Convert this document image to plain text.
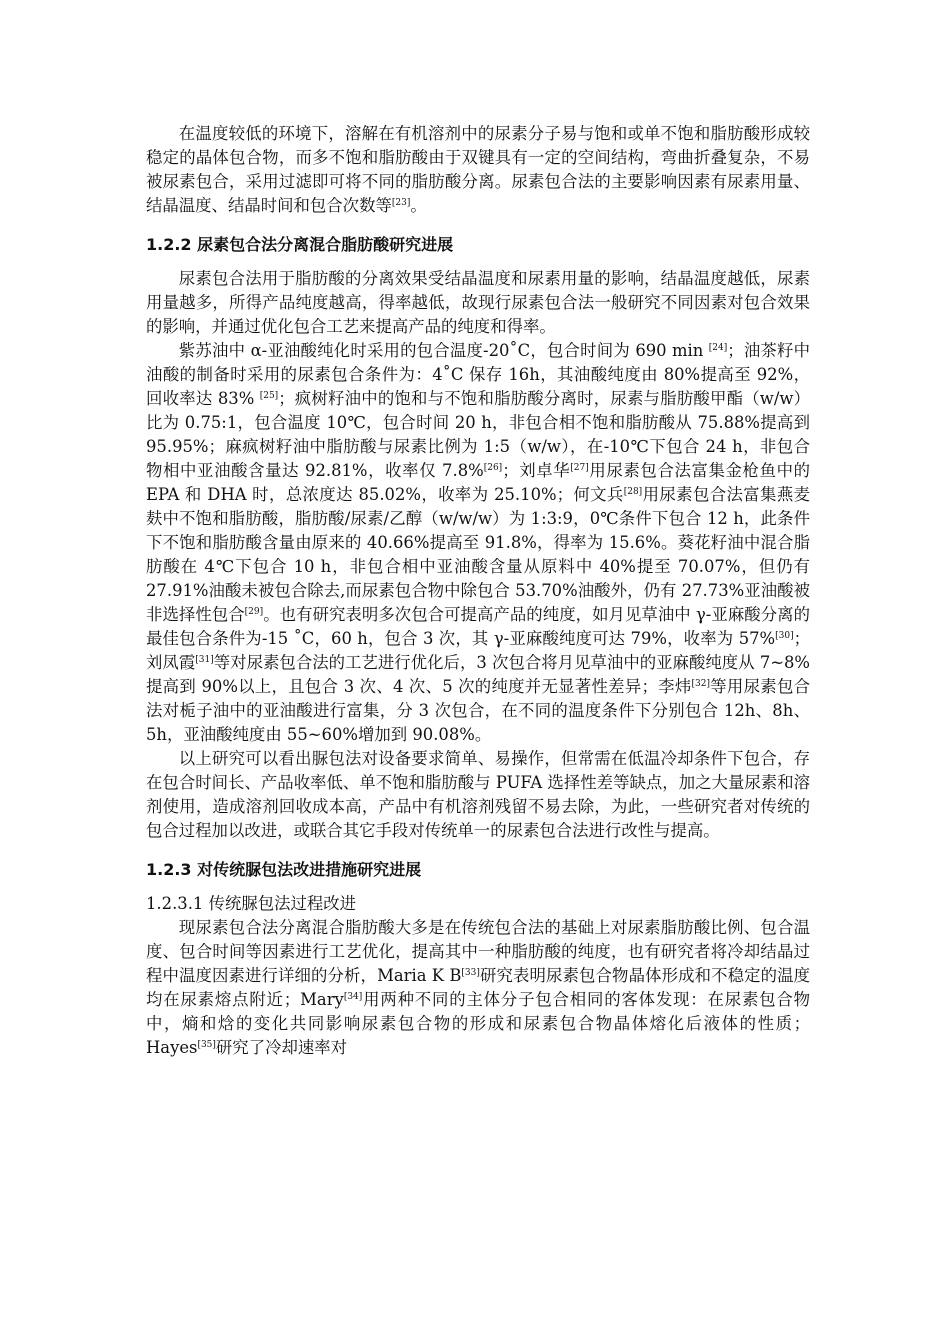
在温度较低的环境下，溶解在有机溶剂中的尿素分子易与饱和或单不饱和脂肪酸形成较稳定的晶体包合物，而多不饱和脂肪酸由于双键具有一定的空间结构，弯曲折叠复杂，不易被尿素包合，采用过滤即可将不同的脂肪酸分离。尿素包合法的主要影响因素有尿素用量、结晶温度、结晶时间和包合次数等[23]。

1.2.2 尿素包合法分离混合脂肪酸研究进展

尿素包合法用于脂肪酸的分离效果受结晶温度和尿素用量的影响，结晶温度越低，尿素用量越多，所得产品纯度越高，得率越低，故现行尿素包合法一般研究不同因素对包合效果的影响，并通过优化包合工艺来提高产品的纯度和得率。

紫苏油中 α-亚油酸纯化时采用的包合温度-20˚C，包合时间为 690 min [24]；油茶籽中油酸的制备时采用的尿素包合条件为：4˚C 保存 16h，其油酸纯度由 80%提高至 92%，回收率达 83% [25]；疯树籽油中的饱和与不饱和脂肪酸分离时，尿素与脂肪酸甲酯（w/w）比为 0.75:1，包合温度 10℃，包合时间 20 h，非包合相不饱和脂肪酸从 75.88%提高到 95.95%；麻疯树籽油中脂肪酸与尿素比例为 1:5（w/w），在-10℃下包合 24 h，非包合物相中亚油酸含量达 92.81%，收率仅 7.8%[26]；刘卓华[27]用尿素包合法富集金枪鱼中的 EPA 和 DHA 时，总浓度达 85.02%，收率为 25.10%；何文兵[28]用尿素包合法富集燕麦麸中不饱和脂肪酸，脂肪酸/尿素/乙醇（w/w/w）为 1:3:9，0℃条件下包合 12 h，此条件下不饱和脂肪酸含量由原来的 40.66%提高至 91.8%，得率为 15.6%。葵花籽油中混合脂肪酸在 4℃下包合 10 h，非包合相中亚油酸含量从原料中 40%提至 70.07%，但仍有 27.91%油酸未被包合除去,而尿素包合物中除包合 53.70%油酸外，仍有 27.73%亚油酸被非选择性包合[29]。也有研究表明多次包合可提高产品的纯度，如月见草油中 γ-亚麻酸分离的最佳包合条件为-15 ˚C，60 h，包合 3 次，其 γ-亚麻酸纯度可达 79%，收率为 57%[30]；刘凤霞[31]等对尿素包合法的工艺进行优化后，3 次包合将月见草油中的亚麻酸纯度从 7~8%提高到 90%以上，且包合 3 次、4 次、5 次的纯度并无显著性差异；李炜[32]等用尿素包合法对栀子油中的亚油酸进行富集，分 3 次包合，在不同的温度条件下分别包合 12h、8h、5h，亚油酸纯度由 55~60%增加到 90.08%。

以上研究可以看出脲包法对设备要求简单、易操作，但常需在低温冷却条件下包合，存在包合时间长、产品收率低、单不饱和脂肪酸与 PUFA 选择性差等缺点，加之大量尿素和溶剂使用，造成溶剂回收成本高，产品中有机溶剂残留不易去除，为此，一些研究者对传统的包合过程加以改进，或联合其它手段对传统单一的尿素包合法进行改性与提高。

1.2.3 对传统脲包法改进措施研究进展

1.2.3.1 传统脲包法过程改进

现尿素包合法分离混合脂肪酸大多是在传统包合法的基础上对尿素脂肪酸比例、包合温度、包合时间等因素进行工艺优化，提高其中一种脂肪酸的纯度，也有研究者将冷却结晶过程中温度因素进行详细的分析，Maria K B[33]研究表明尿素包合物晶体形成和不稳定的温度均在尿素熔点附近；Mary[34]用两种不同的主体分子包合相同的客体发现：在尿素包合物中，熵和焓的变化共同影响尿素包合物的形成和尿素包合物晶体熔化后液体的性质；Hayes[35]研究了冷却速率对
